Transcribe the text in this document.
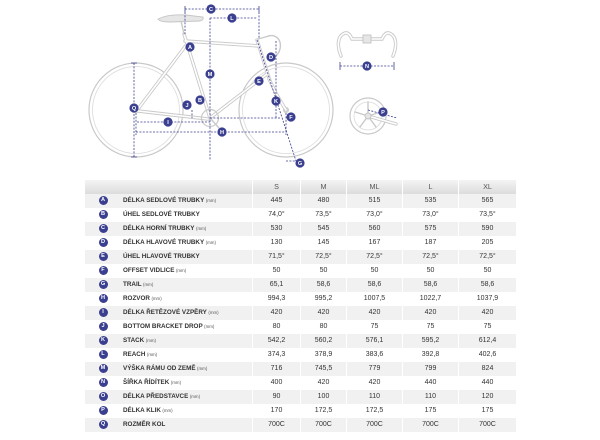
C
L
A
M
B
J
I
H
Q
K
D
E
F
G
N
P
S	M	ML	L	XL
A	DÉLKA SEDLOVÉ TRUBKY (mm)	445	480	515	535	565
B	ÚHEL SEDLOVÉ TRUBKY	74,0°	73,5°	73,0°	73,0°	73,5°
C	DÉLKA HORNÍ TRUBKY (mm)	530	545	560	575	590
D	DÉLKA HLAVOVÉ TRUBKY (mm)	130	145	167	187	205
E	ÚHEL HLAVOVÉ TRUBKY	71,5°	72,5°	72,5°	72,5°	72,5°
F	OFFSET VIDLICE (mm)	50	50	50	50	50
G	TRAIL (mm)	65,1	58,6	58,6	58,6	58,6
H	ROZVOR (mm)	994,3	995,2	1007,5	1022,7	1037,9
I	DÉLKA ŘETĚZOVÉ VZPĚRY (mm)	420	420	420	420	420
J	BOTTOM BRACKET DROP (mm)	80	80	75	75	75
K	STACK (mm)	542,2	560,2	576,1	595,2	612,4
L	REACH (mm)	374,3	378,9	383,6	392,8	402,6
M	VÝŠKA RÁMU OD ZEMĚ (mm)	716	745,5	779	799	824
N	ŠÍŘKA ŘÍDÍTEK (mm)	400	420	420	440	440
O	DÉLKA PŘEDSTAVCE (mm)	90	100	110	110	120
P	DÉLKA KLIK (mm)	170	172,5	172,5	175	175
Q	ROZMĚR KOL	700C	700C	700C	700C	700C
